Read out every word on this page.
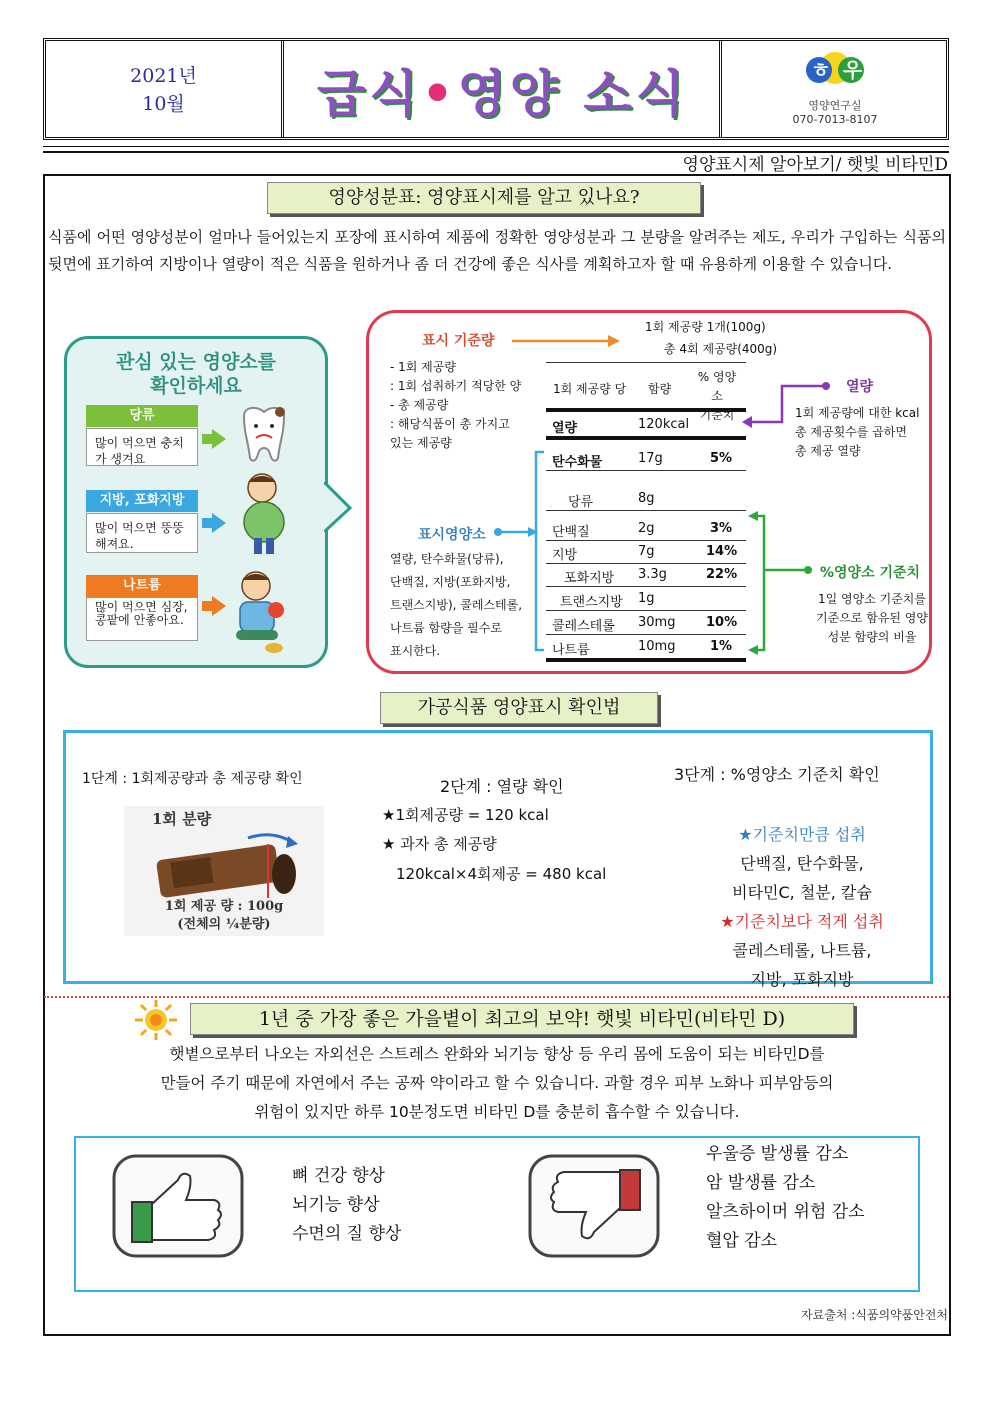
2021년
10월	급식•영양 소식	ㅎ 우
영양연구실
070-7013-8107
영양표시제 알아보기/ 햇빛 비타민D
영양성분표: 영양표시제를 알고 있나요?
식품에 어떤 영양성분이 얼마나 들어있는지 포장에 표시하여 제품에 정확한 영양성분과 그 분량을 알려주는 제도, 우리가 구입하는 식품의 뒷면에 표기하여 지방이나 열량이 적은 식품을 원하거나 좀 더 건강에 좋은 식사를 계획하고자 할 때 유용하게 이용할 수 있습니다.
관심 있는 영양소를
확인하세요
당류
많이 먹으면 충치가 생겨요
지방, 포화지방
많이 먹으면 뚱뚱해져요.
나트륨
많이 먹으면 심장, 콩팥에 안좋아요.
표시 기준량
1회 제공량 1개(100g)
총 4회 제공량(400g)
- 1회 제공량
: 1회 섭취하기 적당한 양
- 총 제공량
: 해당식품이 총 가지고
있는 제공량
1회 제공량 당 함량
% 영양소
기준치
열량	120kcal
탄수화물	17g	5%
당류	8g
단백질	2g	3%
지방	7g	14%
포화지방 3.3g	22%
트랜스지방 1g
콜레스테롤 30mg 10%
나트륨	10mg	1%
표시영양소
열량, 탄수화물(당류),
단백질, 지방(포화지방,
트랜스지방), 콜레스테롤,
나트륨 함량을 필수로
표시한다.
열량
1회 제공량에 대한 kcal
총 제공횟수를 곱하면
총 제공 열량
%영양소 기준치
1일 영양소 기준치를
기준으로 함유된 영양
성분 함량의 비율
가공식품 영양표시 확인법
1단계 : 1회제공량과 총 제공량 확인
1회 분량
1회 제공 량 : 100g
(전체의 ¼분량)
2단계 : 열량 확인
★1회제공량 = 120 kcal
★ 과자 총 제공량
120kcal×4회제공 = 480 kcal
3단계 : %영양소 기준치 확인
★기준치만큼 섭취
단백질, 탄수화물,
비타민C, 철분, 칼슘
★기준치보다 적게 섭취
콜레스테롤, 나트륨,
지방, 포화지방
1년 중 가장 좋은 가을볕이 최고의 보약! 햇빛 비타민(비타민 D)
햇볕으로부터 나오는 자외선은 스트레스 완화와 뇌기능 향상 등 우리 몸에 도움이 되는 비타민D를
만들어 주기 때문에 자연에서 주는 공짜 약이라고 할 수 있습니다. 과할 경우 피부 노화나 피부암등의
위험이 있지만 하루 10분정도면 비타민 D를 충분히 흡수할 수 있습니다.
뼈 건강 향상
뇌기능 향상
수면의 질 향상
우울증 발생률 감소
암 발생률 감소
알츠하이머 위험 감소
혈압 감소
자료출처 :식품의약품안전처
